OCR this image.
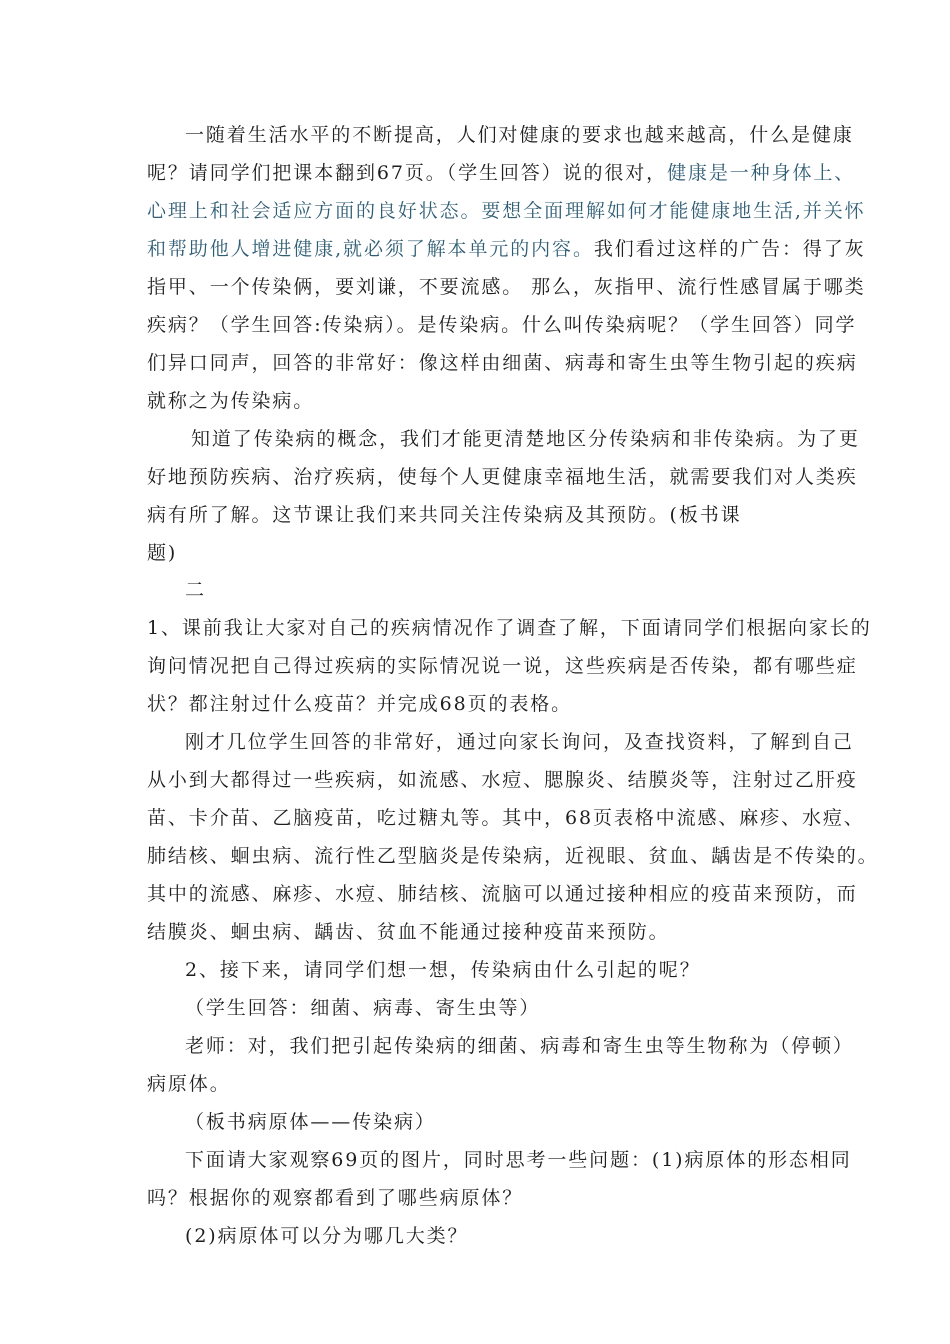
一随着生活水平的不断提高，人们对健康的要求也越来越高，什么是健康
呢？请同学们把课本翻到67页。（学生回答）说的很对，健康是一种身体上、
心理上和社会适应方面的良好状态。要想全面理解如何才能健康地生活,并关怀
和帮助他人增进健康,就必须了解本单元的内容。我们看过这样的广告：得了灰
指甲、一个传染俩，要刘谦，不要流感。 那么，灰指甲、流行性感冒属于哪类
疾病？（学生回答:传染病）。是传染病。什么叫传染病呢？（学生回答）同学
们异口同声，回答的非常好：像这样由细菌、病毒和寄生虫等生物引起的疾病
就称之为传染病。
知道了传染病的概念，我们才能更清楚地区分传染病和非传染病。为了更
好地预防疾病、治疗疾病，使每个人更健康幸福地生活，就需要我们对人类疾
病有所了解。这节课让我们来共同关注传染病及其预防。(板书课
题)
二
1、课前我让大家对自己的疾病情况作了调查了解，下面请同学们根据向家长的
询问情况把自己得过疾病的实际情况说一说，这些疾病是否传染，都有哪些症
状？都注射过什么疫苗？并完成68页的表格。
刚才几位学生回答的非常好，通过向家长询问，及查找资料，了解到自己
从小到大都得过一些疾病，如流感、水痘、腮腺炎、结膜炎等，注射过乙肝疫
苗、卡介苗、乙脑疫苗，吃过糖丸等。其中，68页表格中流感、麻疹、水痘、
肺结核、蛔虫病、流行性乙型脑炎是传染病，近视眼、贫血、龋齿是不传染的。
其中的流感、麻疹、水痘、肺结核、流脑可以通过接种相应的疫苗来预防，而
结膜炎、蛔虫病、龋齿、贫血不能通过接种疫苗来预防。
2、接下来，请同学们想一想，传染病由什么引起的呢？
（学生回答：细菌、病毒、寄生虫等）
老师：对，我们把引起传染病的细菌、病毒和寄生虫等生物称为（停顿）
病原体。
（板书病原体——传染病）
下面请大家观察69页的图片，同时思考一些问题：(1)病原体的形态相同
吗？根据你的观察都看到了哪些病原体？
(2)病原体可以分为哪几大类？
